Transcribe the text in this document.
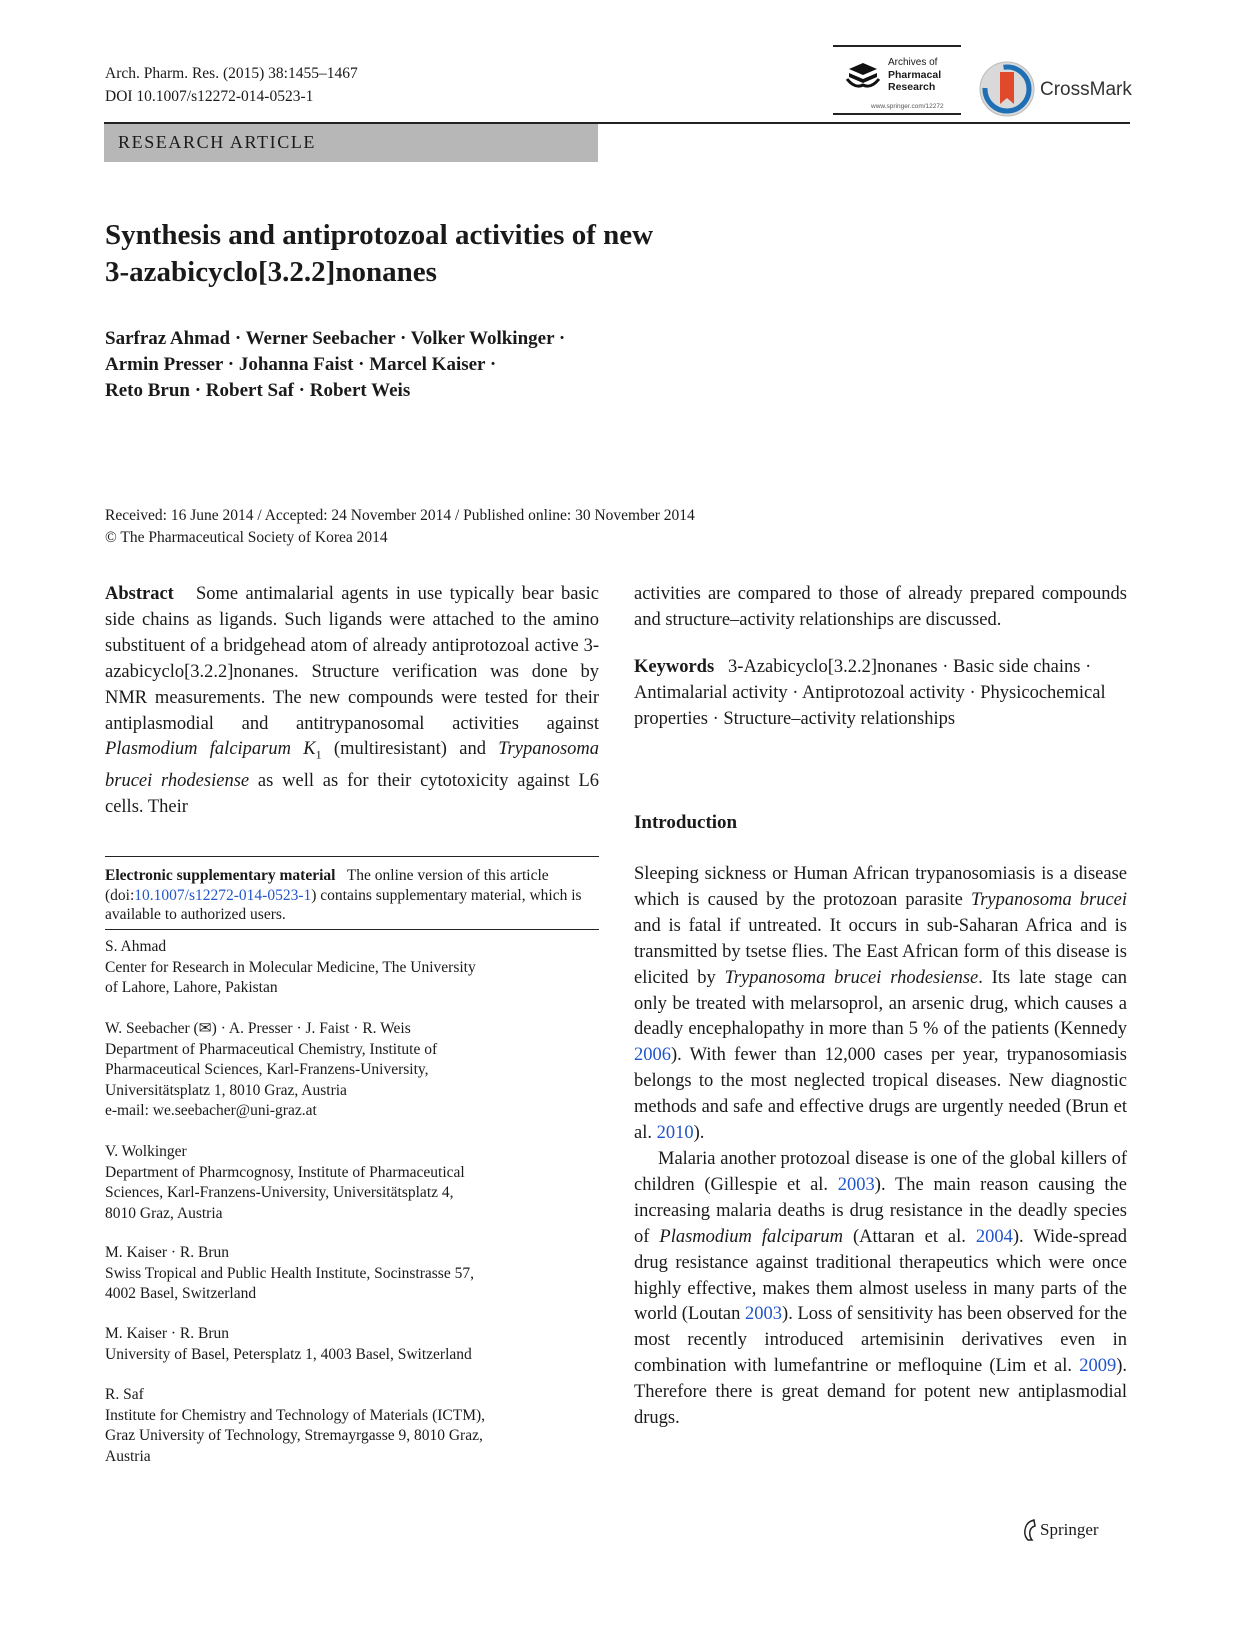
Arch. Pharm. Res. (2015) 38:1455–1467
DOI 10.1007/s12272-014-0523-1
Archives of
Pharmacal
Research
www.springer.com/12272
CrossMark
RESEARCH ARTICLE
Synthesis and antiprotozoal activities of new
3-azabicyclo[3.2.2]nonanes
Sarfraz Ahmad · Werner Seebacher · Volker Wolkinger ·
Armin Presser · Johanna Faist · Marcel Kaiser ·
Reto Brun · Robert Saf · Robert Weis
Received: 16 June 2014 / Accepted: 24 November 2014 / Published online: 30 November 2014
© The Pharmaceutical Society of Korea 2014

Abstract Some antimalarial agents in use typically bear basic side chains as ligands. Such ligands were attached to the amino substituent of a bridgehead atom of already antiprotozoal active 3-azabicyclo[3.2.2]nonanes. Structure verification was done by NMR measurements. The new compounds were tested for their antiplasmodial and antitrypanosomal activities against Plasmodium falciparum $K_1$ (multiresistant) and Trypanosoma brucei rhodesiense as well as for their cytotoxicity against L6 cells. Their

Electronic supplementary material The online version of this article (doi:10.1007/s12272-014-0523-1) contains supplementary material, which is available to authorized users.
S. Ahmad
Center for Research in Molecular Medicine, The University
of Lahore, Lahore, Pakistan
W. Seebacher (✉) · A. Presser · J. Faist · R. Weis
Department of Pharmaceutical Chemistry, Institute of
Pharmaceutical Sciences, Karl-Franzens-University,
Universitätsplatz 1, 8010 Graz, Austria
e-mail: we.seebacher@uni-graz.at
V. Wolkinger
Department of Pharmcognosy, Institute of Pharmaceutical
Sciences, Karl-Franzens-University, Universitätsplatz 4,
8010 Graz, Austria
M. Kaiser · R. Brun
Swiss Tropical and Public Health Institute, Socinstrasse 57,
4002 Basel, Switzerland
M. Kaiser · R. Brun
University of Basel, Petersplatz 1, 4003 Basel, Switzerland
R. Saf
Institute for Chemistry and Technology of Materials (ICTM),
Graz University of Technology, Stremayrgasse 9, 8010 Graz,
Austria

activities are compared to those of already prepared compounds and structure–activity relationships are discussed.

Keywords 3-Azabicyclo[3.2.2]nonanes · Basic side chains · Antimalarial activity · Antiprotozoal activity · Physicochemical properties · Structure–activity relationships

Introduction

Sleeping sickness or Human African trypanosomiasis is a disease which is caused by the protozoan parasite Trypanosoma brucei and is fatal if untreated. It occurs in sub-Saharan Africa and is transmitted by tsetse flies. The East African form of this disease is elicited by Trypanosoma brucei rhodesiense. Its late stage can only be treated with melarsoprol, an arsenic drug, which causes a deadly encephalopathy in more than 5 % of the patients (Kennedy 2006). With fewer than 12,000 cases per year, trypanosomiasis belongs to the most neglected tropical diseases. New diagnostic methods and safe and effective drugs are urgently needed (Brun et al. 2010).

Malaria another protozoal disease is one of the global killers of children (Gillespie et al. 2003). The main reason causing the increasing malaria deaths is drug resistance in the deadly species of Plasmodium falciparum (Attaran et al. 2004). Wide-spread drug resistance against traditional therapeutics which were once highly effective, makes them almost useless in many parts of the world (Loutan 2003). Loss of sensitivity has been observed for the most recently introduced artemisinin derivatives even in combination with lumefantrine or mefloquine (Lim et al. 2009). Therefore there is great demand for potent new antiplasmodial drugs.

Springer
